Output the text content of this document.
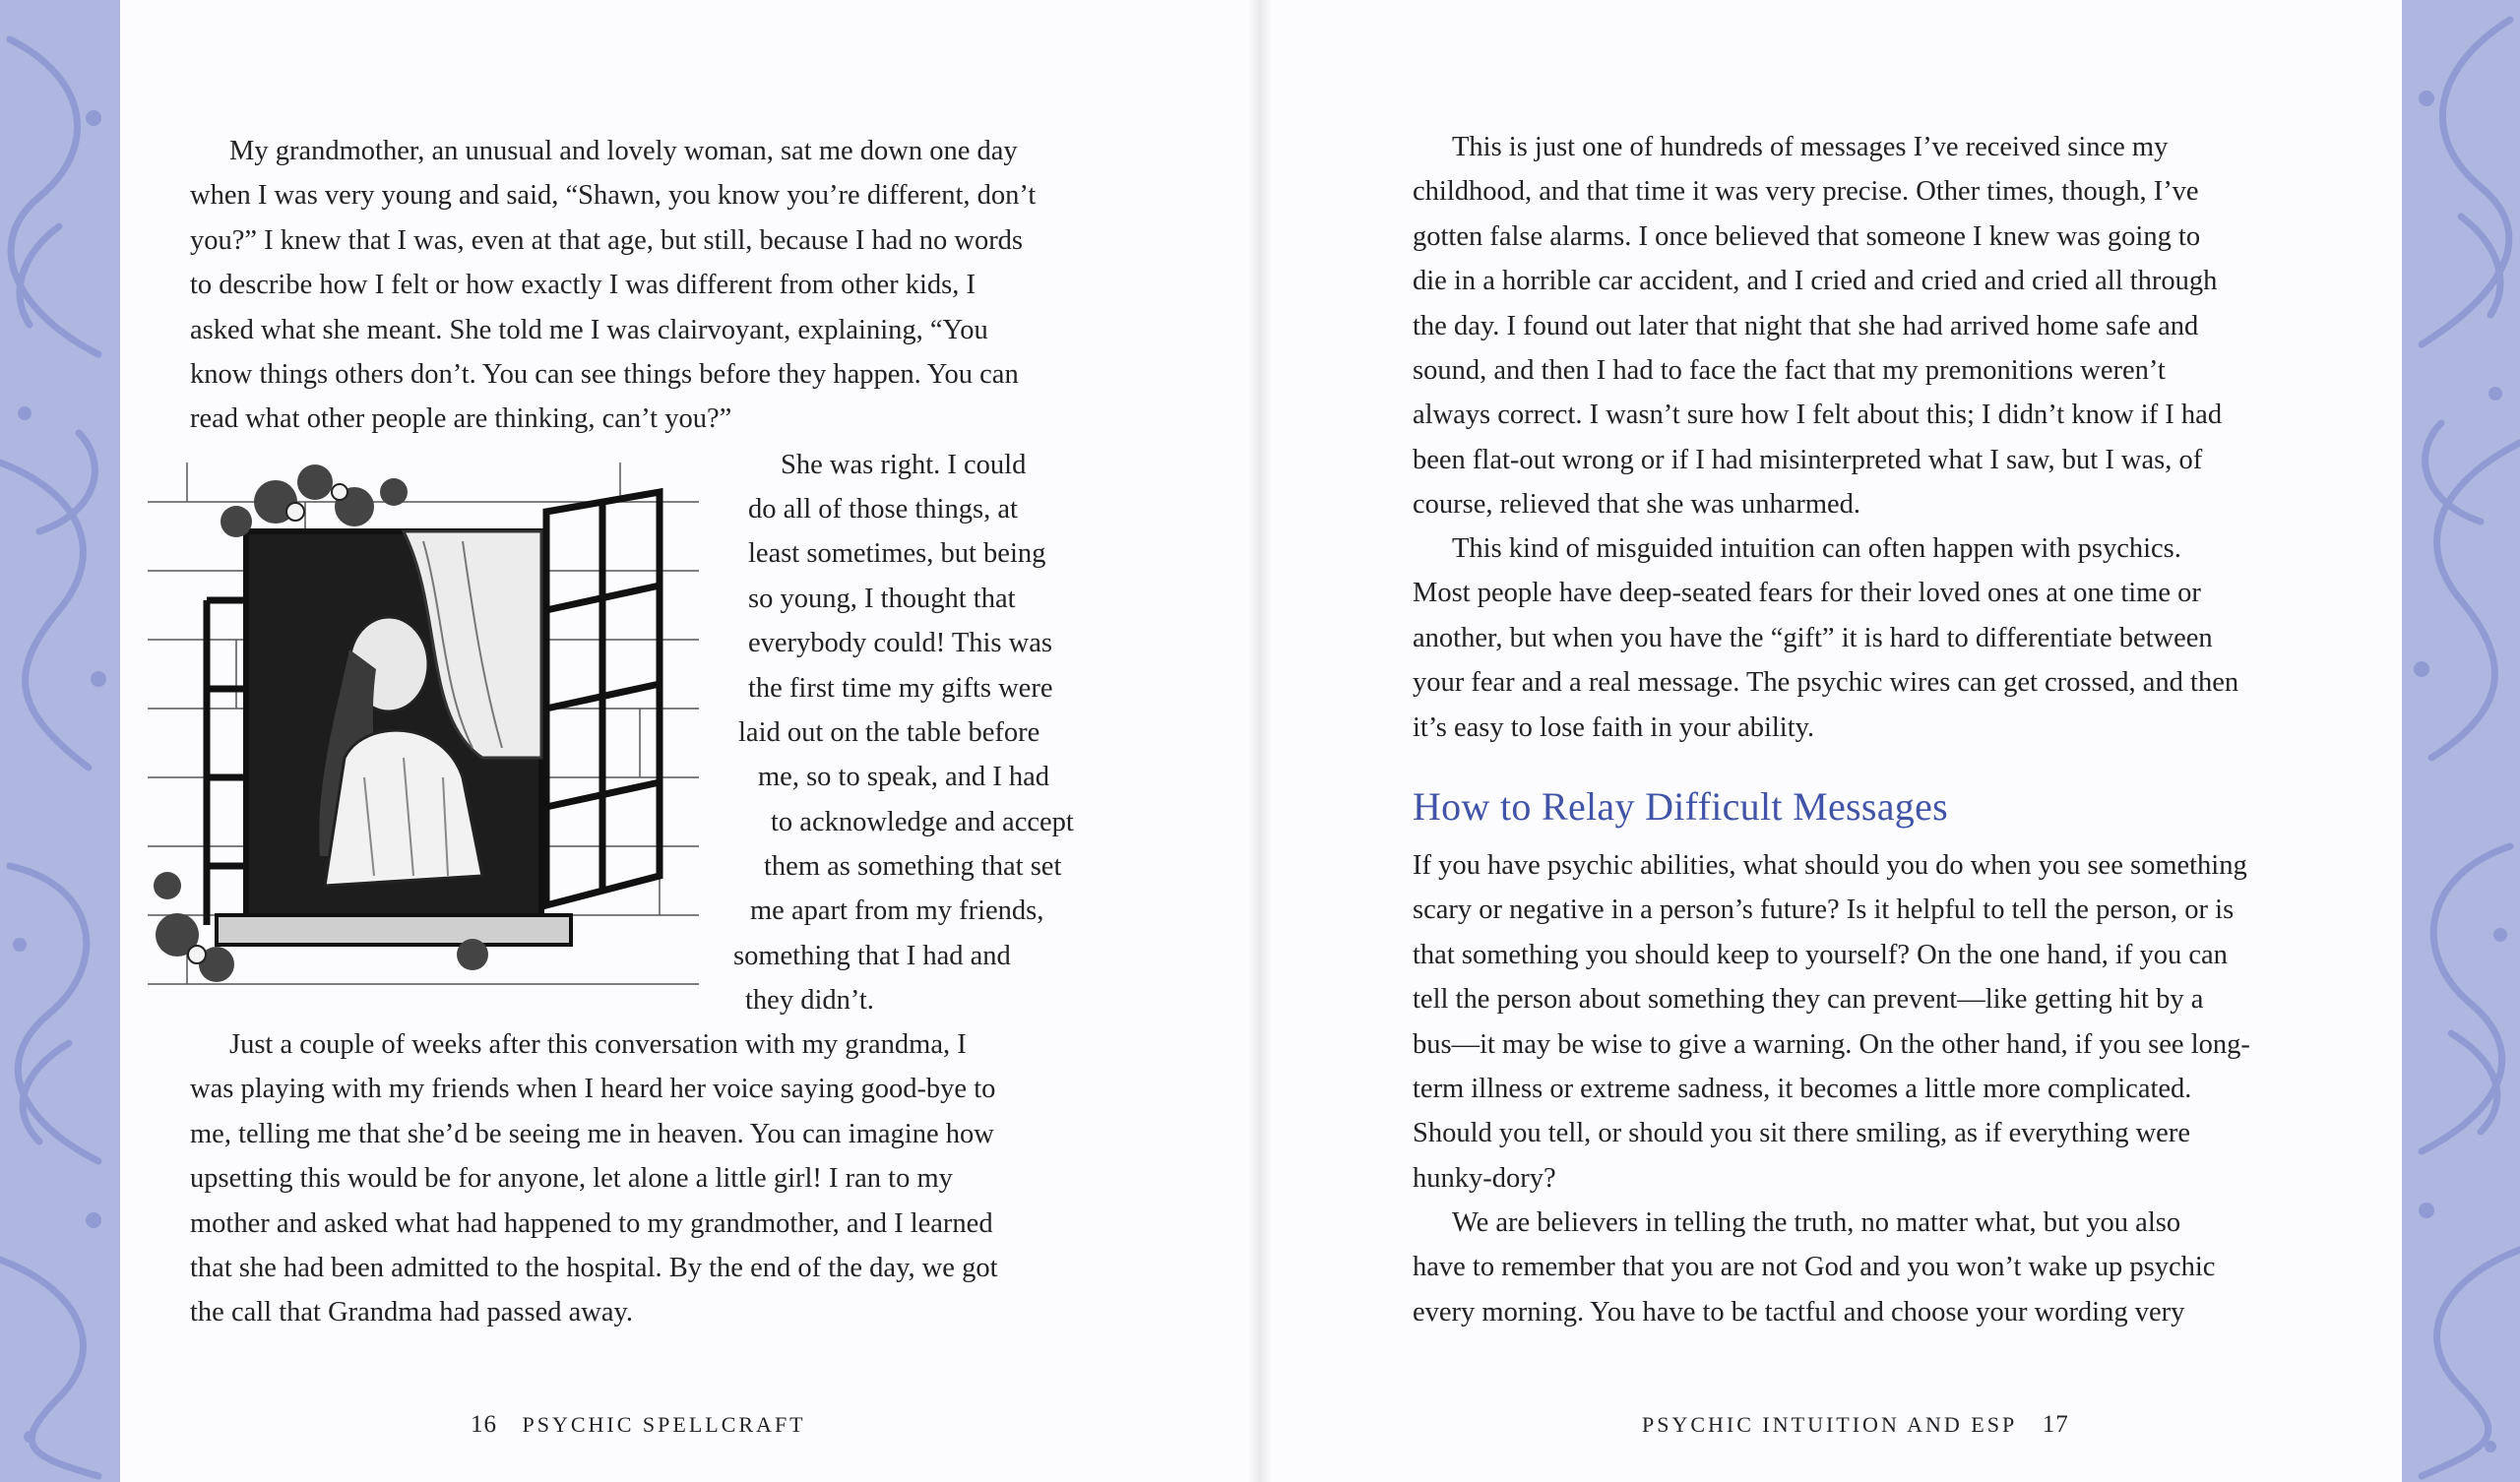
My grandmother, an unusual and lovely woman, sat me down one day
when I was very young and said, “Shawn, you know you’re different, don’t
you?” I knew that I was, even at that age, but still, because I had no words
to describe how I felt or how exactly I was different from other kids, I
asked what she meant. She told me I was clairvoyant, explaining, “You
know things others don’t. You can see things before they happen. You can
read what other people are thinking, can’t you?”

She was right. I could

do all of those things, at

least sometimes, but being

so young, I thought that

everybody could! This was

the first time my gifts were

laid out on the table before

me, so to speak, and I had

to acknowledge and accept

them as something that set

me apart from my friends,

something that I had and

they didn’t.

Just a couple of weeks after this conversation with my grandma, I
was playing with my friends when I heard her voice saying good-bye to
me, telling me that she’d be seeing me in heaven. You can imagine how
upsetting this would be for anyone, let alone a little girl! I ran to my
mother and asked what had happened to my grandmother, and I learned
that she had been admitted to the hospital. By the end of the day, we got
the call that Grandma had passed away.

16 PSYCHIC SPELLCRAFT

This is just one of hundreds of messages I’ve received since my
childhood, and that time it was very precise. Other times, though, I’ve
gotten false alarms. I once believed that someone I knew was going to
die in a horrible car accident, and I cried and cried and cried all through
the day. I found out later that night that she had arrived home safe and
sound, and then I had to face the fact that my premonitions weren’t
always correct. I wasn’t sure how I felt about this; I didn’t know if I had
been flat-out wrong or if I had misinterpreted what I saw, but I was, of
course, relieved that she was unharmed.

This kind of misguided intuition can often happen with psychics.
Most people have deep-seated fears for their loved ones at one time or
another, but when you have the “gift” it is hard to differentiate between
your fear and a real message. The psychic wires can get crossed, and then
it’s easy to lose faith in your ability.

How to Relay Difficult Messages

If you have psychic abilities, what should you do when you see something
scary or negative in a person’s future? Is it helpful to tell the person, or is
that something you should keep to yourself? On the one hand, if you can
tell the person about something they can prevent—like getting hit by a
bus—it may be wise to give a warning. On the other hand, if you see long-
term illness or extreme sadness, it becomes a little more complicated.
Should you tell, or should you sit there smiling, as if everything were
hunky-dory?

We are believers in telling the truth, no matter what, but you also
have to remember that you are not God and you won’t wake up psychic
every morning. You have to be tactful and choose your wording very

PSYCHIC INTUITION AND ESP 17
